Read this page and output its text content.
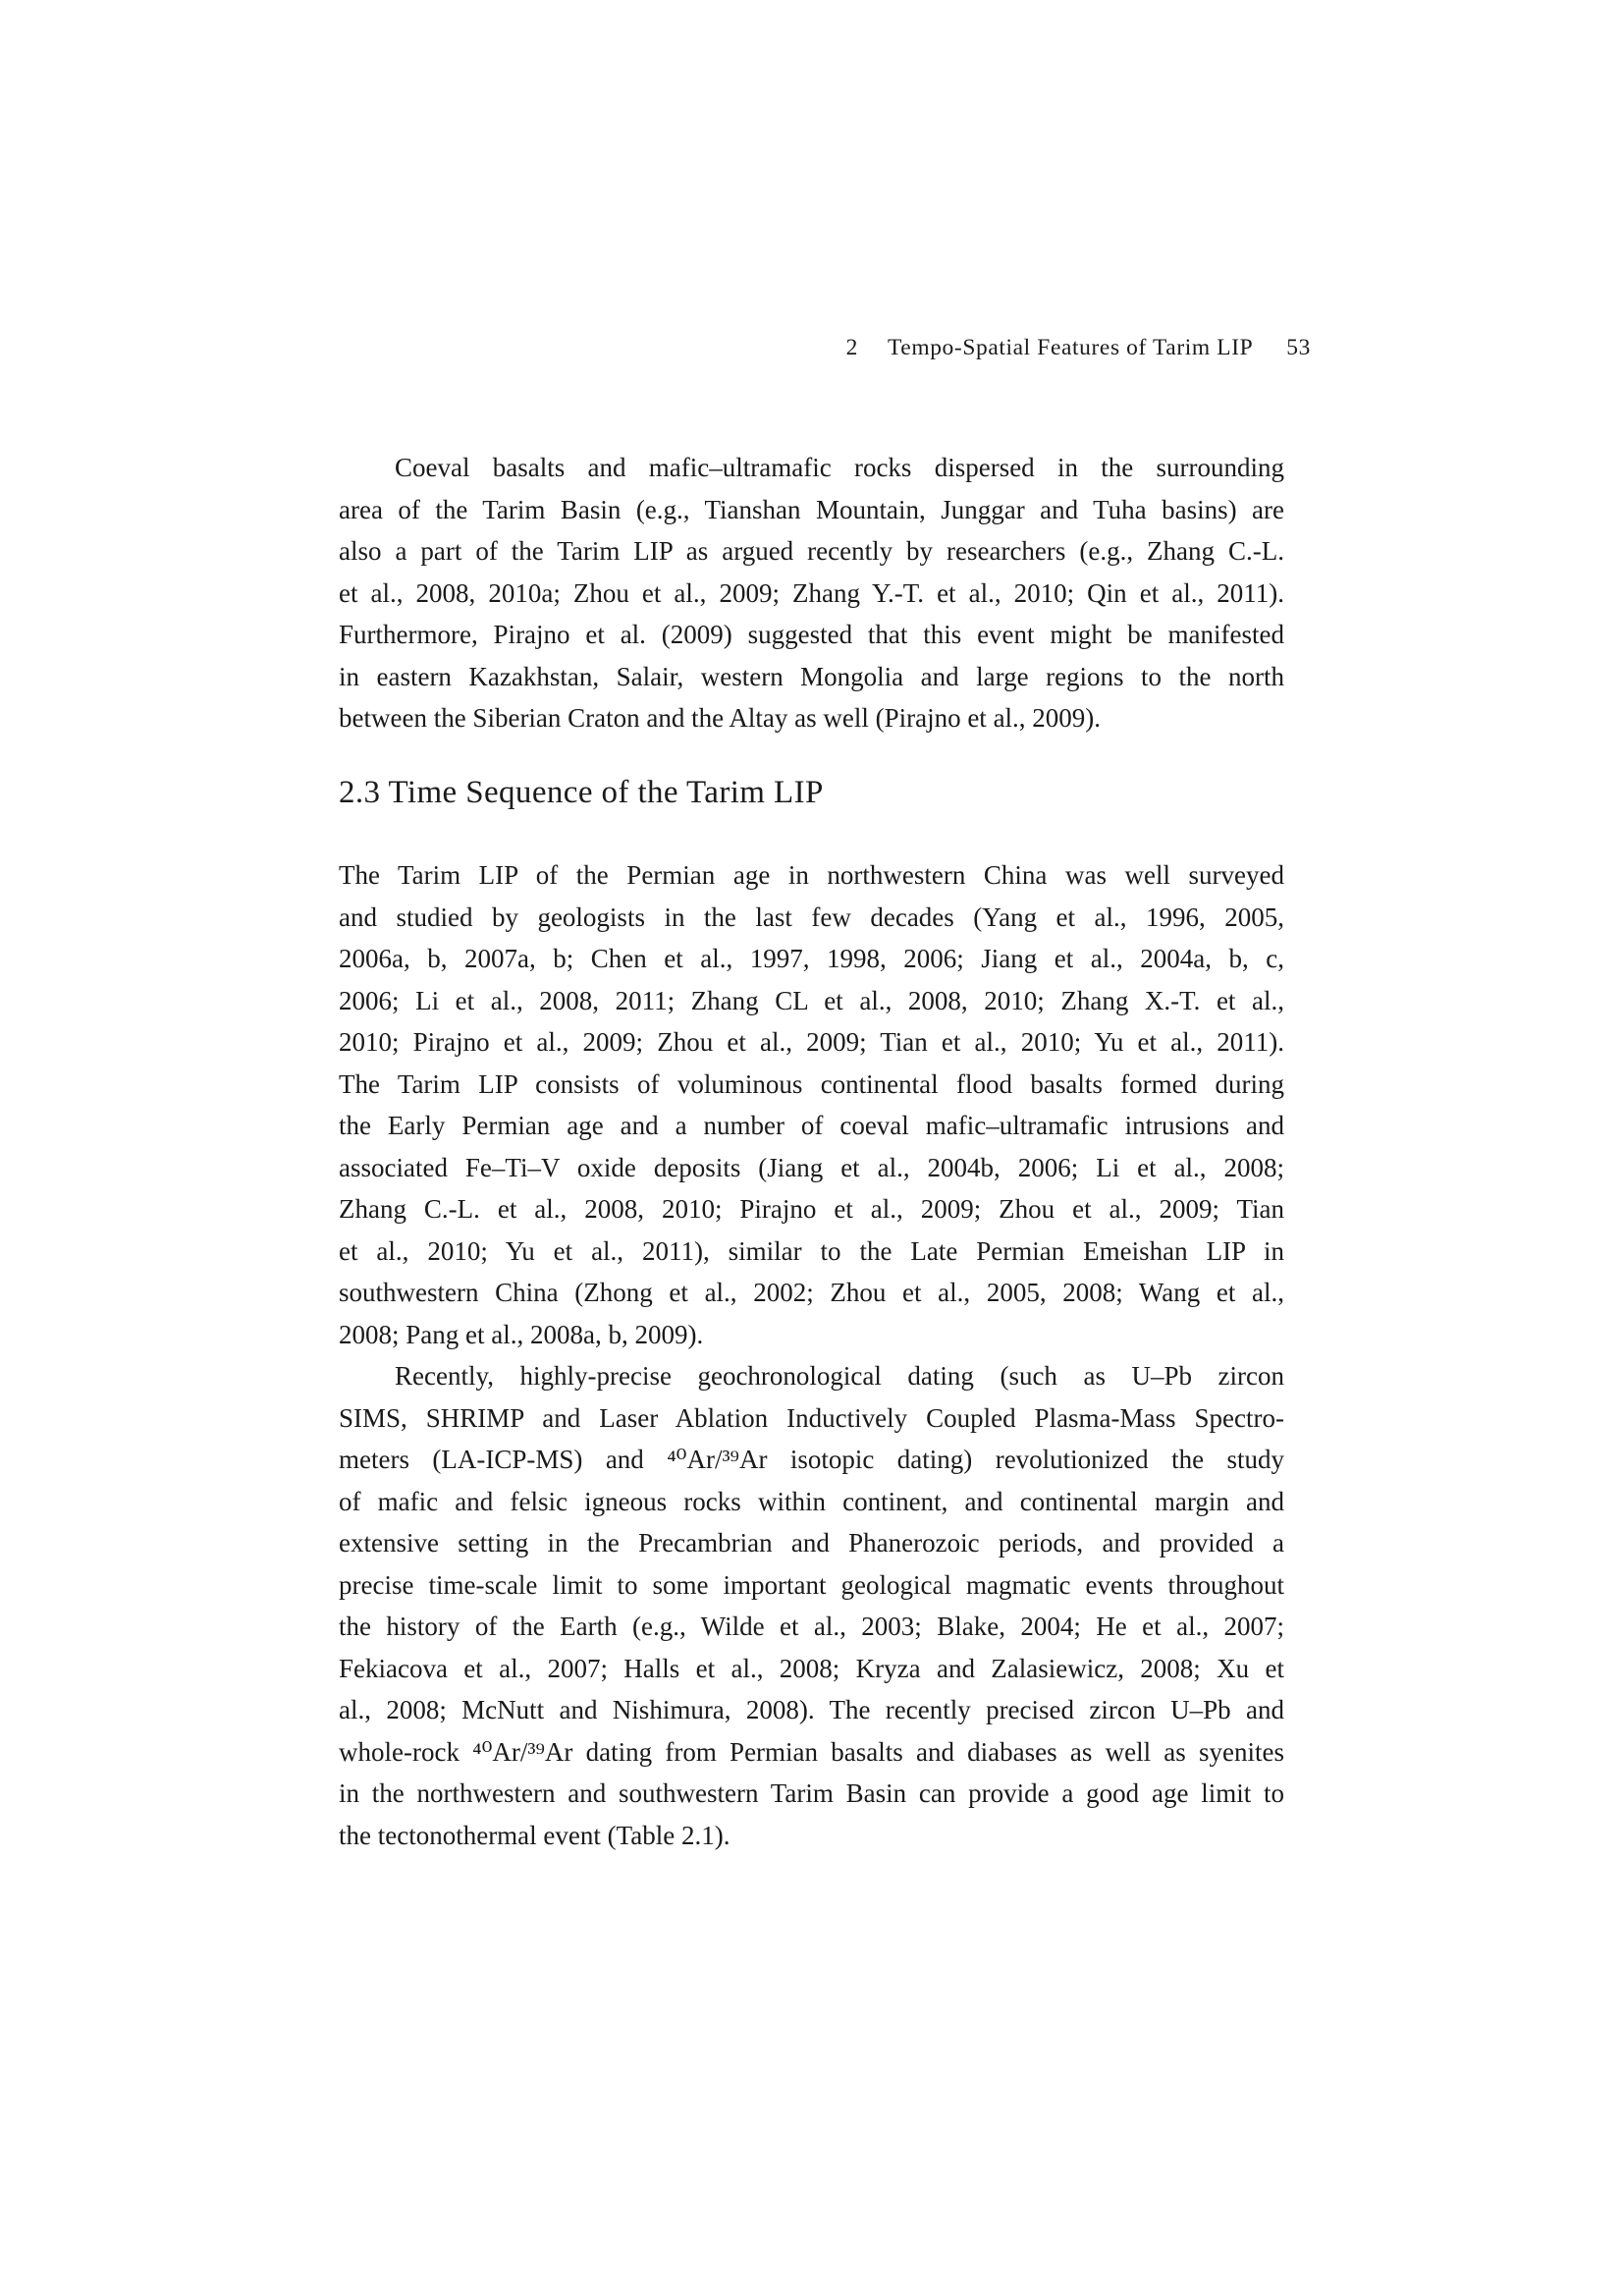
2 Tempo-Spatial Features of Tarim LIP 53
Coeval basalts and mafic–ultramafic rocks dispersed in the surrounding
area of the Tarim Basin (e.g., Tianshan Mountain, Junggar and Tuha basins) are
also a part of the Tarim LIP as argued recently by researchers (e.g., Zhang C.-L.
et al., 2008, 2010a; Zhou et al., 2009; Zhang Y.-T. et al., 2010; Qin et al., 2011).
Furthermore, Pirajno et al. (2009) suggested that this event might be manifested
in eastern Kazakhstan, Salair, western Mongolia and large regions to the north
between the Siberian Craton and the Altay as well (Pirajno et al., 2009).
2.3 Time Sequence of the Tarim LIP
The Tarim LIP of the Permian age in northwestern China was well surveyed
and studied by geologists in the last few decades (Yang et al., 1996, 2005,
2006a, b, 2007a, b; Chen et al., 1997, 1998, 2006; Jiang et al., 2004a, b, c,
2006; Li et al., 2008, 2011; Zhang CL et al., 2008, 2010; Zhang X.-T. et al.,
2010; Pirajno et al., 2009; Zhou et al., 2009; Tian et al., 2010; Yu et al., 2011).
The Tarim LIP consists of voluminous continental flood basalts formed during
the Early Permian age and a number of coeval mafic–ultramafic intrusions and
associated Fe–Ti–V oxide deposits (Jiang et al., 2004b, 2006; Li et al., 2008;
Zhang C.-L. et al., 2008, 2010; Pirajno et al., 2009; Zhou et al., 2009; Tian
et al., 2010; Yu et al., 2011), similar to the Late Permian Emeishan LIP in
southwestern China (Zhong et al., 2002; Zhou et al., 2005, 2008; Wang et al.,
2008; Pang et al., 2008a, b, 2009).
Recently, highly-precise geochronological dating (such as U–Pb zircon
SIMS, SHRIMP and Laser Ablation Inductively Coupled Plasma-Mass Spectro-
meters (LA-ICP-MS) and ⁴⁰Ar/³⁹Ar isotopic dating) revolutionized the study
of mafic and felsic igneous rocks within continent, and continental margin and
extensive setting in the Precambrian and Phanerozoic periods, and provided a
precise time-scale limit to some important geological magmatic events throughout
the history of the Earth (e.g., Wilde et al., 2003; Blake, 2004; He et al., 2007;
Fekiacova et al., 2007; Halls et al., 2008; Kryza and Zalasiewicz, 2008; Xu et
al., 2008; McNutt and Nishimura, 2008). The recently precised zircon U–Pb and
whole-rock ⁴⁰Ar/³⁹Ar dating from Permian basalts and diabases as well as syenites
in the northwestern and southwestern Tarim Basin can provide a good age limit to
the tectonothermal event (Table 2.1).
